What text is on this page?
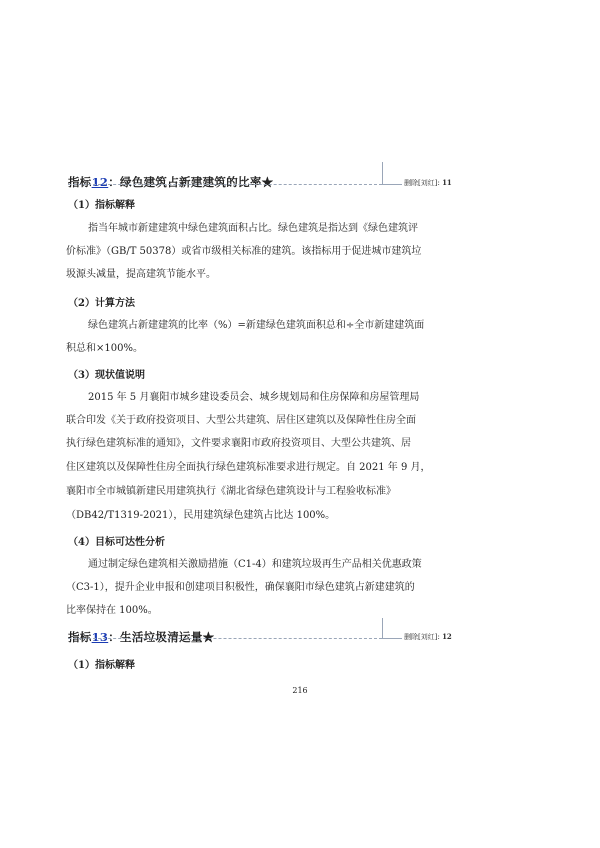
指标12：绿色建筑占新建建筑的比率★	删除[刘红]: 11
（1）指标解释
指当年城市新建建筑中绿色建筑面积占比。绿色建筑是指达到《绿色建筑评
价标准》（GB/T 50378）或省市级相关标准的建筑。该指标用于促进城市建筑垃
圾源头减量，提高建筑节能水平。
（2）计算方法
绿色建筑占新建建筑的比率（%）=新建绿色建筑面积总和÷全市新建建筑面
积总和×100%。
（3）现状值说明
2015 年 5 月襄阳市城乡建设委员会、城乡规划局和住房保障和房屋管理局
联合印发《关于政府投资项目、大型公共建筑、居住区建筑以及保障性住房全面
执行绿色建筑标准的通知》，文件要求襄阳市政府投资项目、大型公共建筑、居
住区建筑以及保障性住房全面执行绿色建筑标准要求进行规定。自 2021 年 9 月，
襄阳市全市城镇新建民用建筑执行《湖北省绿色建筑设计与工程验收标准》
（DB42/T1319-2021），民用建筑绿色建筑占比达 100%。
（4）目标可达性分析
通过制定绿色建筑相关激励措施（C1-4）和建筑垃圾再生产品相关优惠政策
（C3-1），提升企业申报和创建项目积极性，确保襄阳市绿色建筑占新建建筑的
比率保持在 100%。
指标13：生活垃圾清运量★	删除[刘红]: 12
（1）指标解释
216
